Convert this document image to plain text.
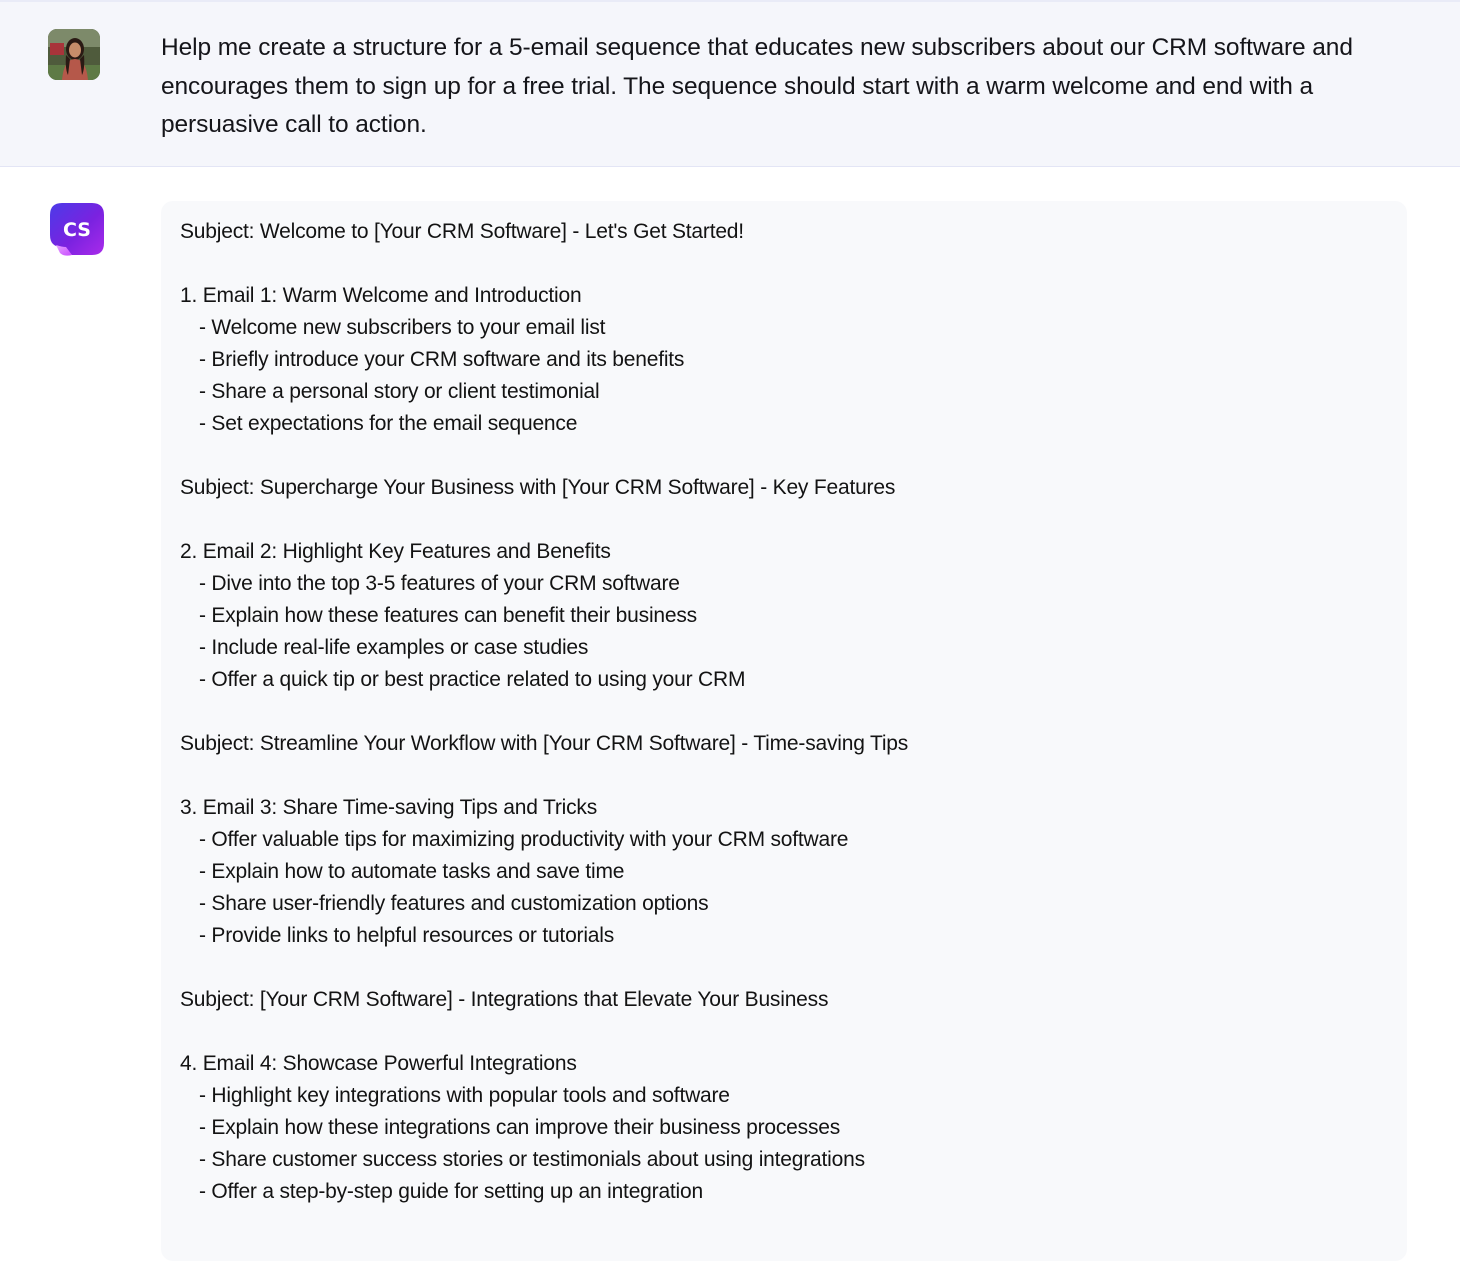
Help me create a structure for a 5-email sequence that educates new subscribers about our CRM software and encourages them to sign up for a free trial. The sequence should start with a warm welcome and end with a persuasive call to action.
CS	Subject: Welcome to [Your CRM Software] - Let's Get Started!
1. Email 1: Warm Welcome and Introduction
- Welcome new subscribers to your email list
- Briefly introduce your CRM software and its benefits
- Share a personal story or client testimonial
- Set expectations for the email sequence
Subject: Supercharge Your Business with [Your CRM Software] - Key Features
2. Email 2: Highlight Key Features and Benefits
- Dive into the top 3-5 features of your CRM software
- Explain how these features can benefit their business
- Include real-life examples or case studies
- Offer a quick tip or best practice related to using your CRM
Subject: Streamline Your Workflow with [Your CRM Software] - Time-saving Tips
3. Email 3: Share Time-saving Tips and Tricks
- Offer valuable tips for maximizing productivity with your CRM software
- Explain how to automate tasks and save time
- Share user-friendly features and customization options
- Provide links to helpful resources or tutorials
Subject: [Your CRM Software] - Integrations that Elevate Your Business
4. Email 4: Showcase Powerful Integrations
- Highlight key integrations with popular tools and software
- Explain how these integrations can improve their business processes
- Share customer success stories or testimonials about using integrations
- Offer a step-by-step guide for setting up an integration
